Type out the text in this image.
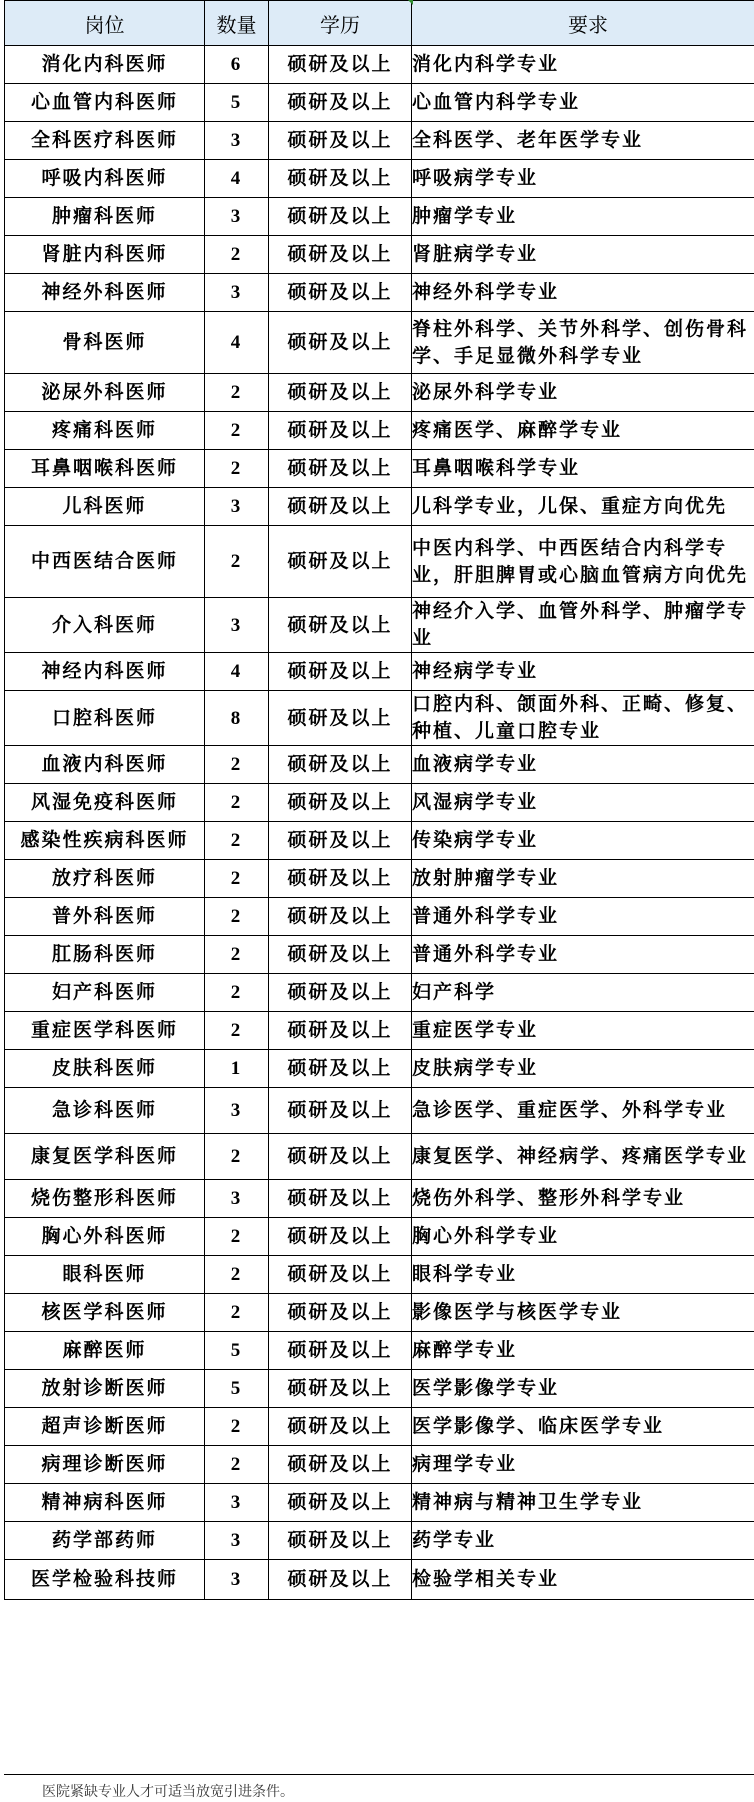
岗位	数量	学历	要求
消化内科医师	6	硕研及以上	消化内科学专业
心血管内科医师	5	硕研及以上	心血管内科学专业
全科医疗科医师	3	硕研及以上	全科医学、老年医学专业
呼吸内科医师	4	硕研及以上	呼吸病学专业
肿瘤科医师	3	硕研及以上	肿瘤学专业
肾脏内科医师	2	硕研及以上	肾脏病学专业
神经外科医师	3	硕研及以上	神经外科学专业
骨科医师	4	硕研及以上	脊柱外科学、关节外科学、创伤骨科学、手足显微外科学专业
泌尿外科医师	2	硕研及以上	泌尿外科学专业
疼痛科医师	2	硕研及以上	疼痛医学、麻醉学专业
耳鼻咽喉科医师	2	硕研及以上	耳鼻咽喉科学专业
儿科医师	3	硕研及以上	儿科学专业，儿保、重症方向优先
中西医结合医师	2	硕研及以上	中医内科学、中西医结合内科学专业，肝胆脾胃或心脑血管病方向优先
介入科医师	3	硕研及以上	神经介入学、血管外科学、肿瘤学专业
神经内科医师	4	硕研及以上	神经病学专业
口腔科医师	8	硕研及以上	口腔内科、颌面外科、正畸、修复、种植、儿童口腔专业
血液内科医师	2	硕研及以上	血液病学专业
风湿免疫科医师	2	硕研及以上	风湿病学专业
感染性疾病科医师	2	硕研及以上	传染病学专业
放疗科医师	2	硕研及以上	放射肿瘤学专业
普外科医师	2	硕研及以上	普通外科学专业
肛肠科医师	2	硕研及以上	普通外科学专业
妇产科医师	2	硕研及以上	妇产科学
重症医学科医师	2	硕研及以上	重症医学专业
皮肤科医师	1	硕研及以上	皮肤病学专业
急诊科医师	3	硕研及以上	急诊医学、重症医学、外科学专业
康复医学科医师	2	硕研及以上	康复医学、神经病学、疼痛医学专业
烧伤整形科医师	3	硕研及以上	烧伤外科学、整形外科学专业
胸心外科医师	2	硕研及以上	胸心外科学专业
眼科医师	2	硕研及以上	眼科学专业
核医学科医师	2	硕研及以上	影像医学与核医学专业
麻醉医师	5	硕研及以上	麻醉学专业
放射诊断医师	5	硕研及以上	医学影像学专业
超声诊断医师	2	硕研及以上	医学影像学、临床医学专业
病理诊断医师	2	硕研及以上	病理学专业
精神病科医师	3	硕研及以上	精神病与精神卫生学专业
药学部药师	3	硕研及以上	药学专业
医学检验科技师	3	硕研及以上	检验学相关专业
医院紧缺专业人才可适当放宽引进条件。
